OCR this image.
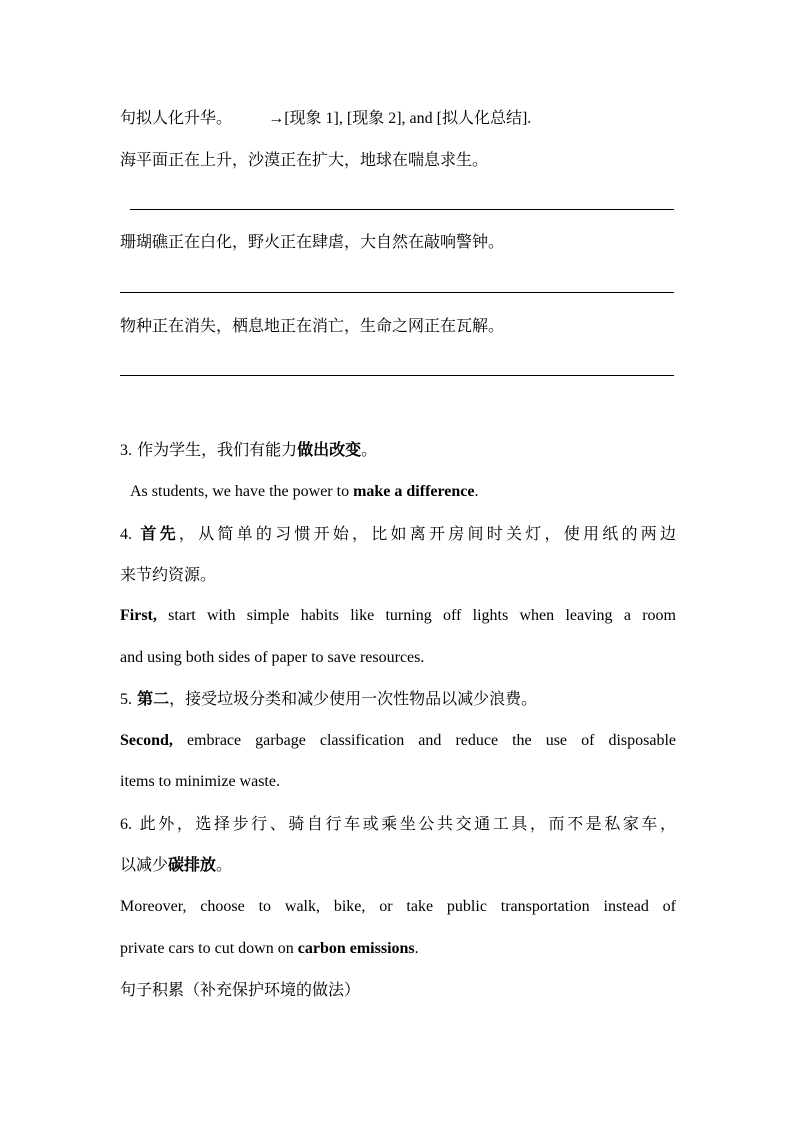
句拟人化升华。 →[现象 1], [现象 2], and [拟人化总结].
海平面正在上升，沙漠正在扩大，地球在喘息求生。
珊瑚礁正在白化，野火正在肆虐，大自然在敲响警钟。
物种正在消失，栖息地正在消亡，生命之网正在瓦解。
3. 作为学生，我们有能力做出改变。
As students, we have the power to make a difference.
4. 首先，从简单的习惯开始，比如离开房间时关灯，使用纸的两边
来节约资源。
First, start with simple habits like turning off lights when leaving a room
and using both sides of paper to save resources.
5. 第二，接受垃圾分类和减少使用一次性物品以减少浪费。
Second, embrace garbage classification and reduce the use of disposable
items to minimize waste.
6. 此外，选择步行、骑自行车或乘坐公共交通工具，而不是私家车，
以减少碳排放。
Moreover, choose to walk, bike, or take public transportation instead of
private cars to cut down on carbon emissions.
句子积累（补充保护环境的做法）
